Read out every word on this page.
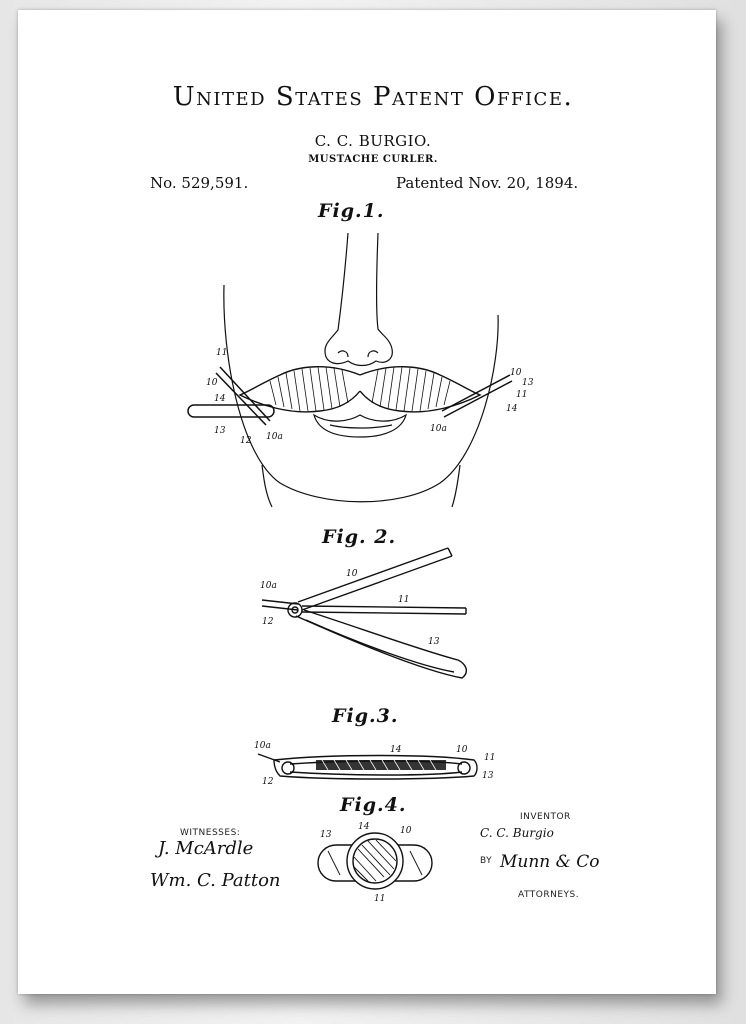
United States Patent Office.
C. C. BURGIO.
MUSTACHE CURLER.
No. 529,591.	Patented Nov. 20, 1894.
Fig.1.
11
10
14
13
12 10a
10
13
11
14
10a
Fig. 2.
10a
10
11
12
13
Fig.3.
10a
12
14	10
11
13
Fig.4.
13
14	10
11
WITNESSES:
J. McArdle
Wm. C. Patton
INVENTOR
C. C. Burgio
BY Munn & Co
ATTORNEYS.
